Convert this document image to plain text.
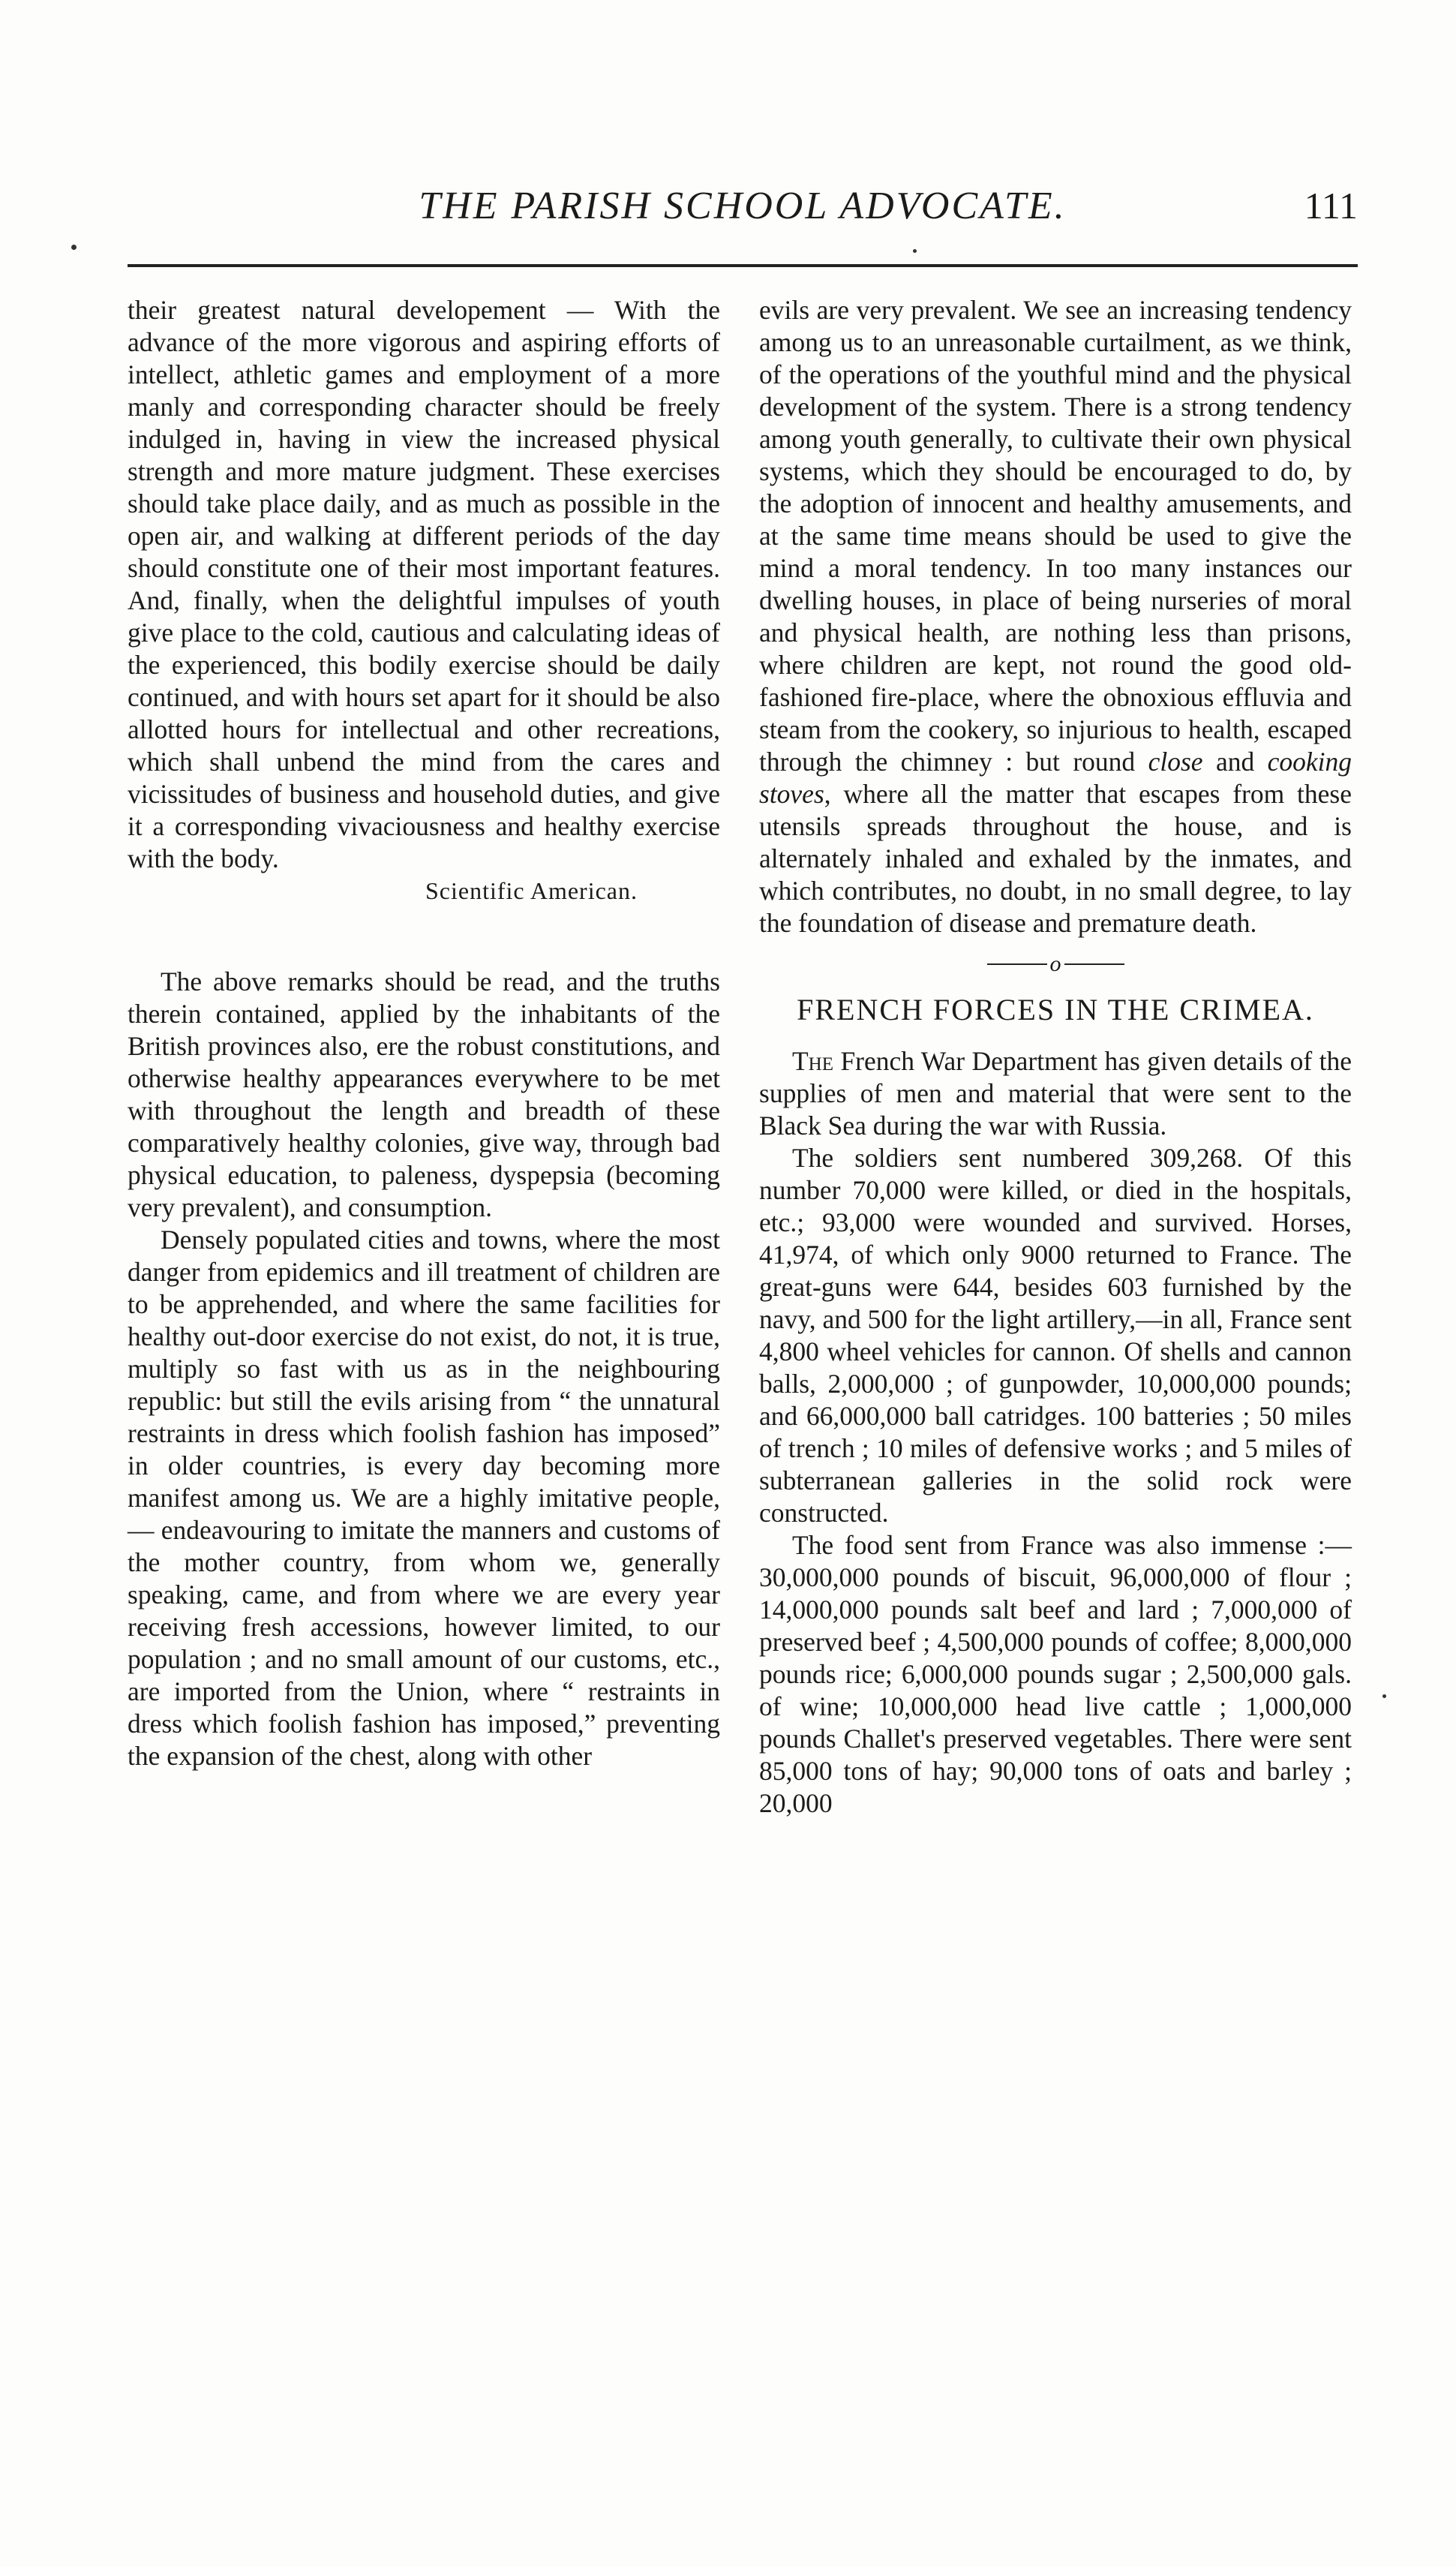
THE PARISH SCHOOL ADVOCATE.	111

their greatest natural developement — With the advance of the more vigorous and aspiring efforts of intellect, athletic games and employment of a more manly and corresponding character should be freely indulged in, having in view the increased physical strength and more mature judgment. These exercises should take place daily, and as much as possible in the open air, and walking at different periods of the day should constitute one of their most important features. And, finally, when the delightful impulses of youth give place to the cold, cautious and calculating ideas of the experienced, this bodily exercise should be daily continued, and with hours set apart for it should be also allotted hours for intellectual and other recreations, which shall unbend the mind from the cares and vicissitudes of business and household duties, and give it a corresponding vivaciousness and healthy exercise with the body.

Scientific American.

The above remarks should be read, and the truths therein contained, applied by the inhabitants of the British provinces also, ere the robust constitutions, and otherwise healthy appearances everywhere to be met with throughout the length and breadth of these comparatively healthy colonies, give way, through bad physical education, to paleness, dyspepsia (becoming very prevalent), and consumption.

Densely populated cities and towns, where the most danger from epidemics and ill treatment of children are to be apprehended, and where the same facilities for healthy out-door exercise do not exist, do not, it is true, multiply so fast with us as in the neighbouring republic: but still the evils arising from “ the unnatural restraints in dress which foolish fashion has imposed” in older countries, is every day becoming more manifest among us. We are a highly imitative people, — endeavouring to imitate the manners and customs of the mother country, from whom we, generally speaking, came, and from where we are every year receiving fresh accessions, however limited, to our population ; and no small amount of our customs, etc., are imported from the Union, where “ restraints in dress which foolish fashion has imposed,” preventing the expansion of the chest, along with other

evils are very prevalent. We see an increasing tendency among us to an unreasonable curtailment, as we think, of the operations of the youthful mind and the physical development of the system. There is a strong tendency among youth generally, to cultivate their own physical systems, which they should be encouraged to do, by the adoption of innocent and healthy amusements, and at the same time means should be used to give the mind a moral tendency. In too many instances our dwelling houses, in place of being nurseries of moral and physical health, are nothing less than prisons, where children are kept, not round the good old-fashioned fire-place, where the obnoxious effluvia and steam from the cookery, so injurious to health, escaped through the chimney : but round close and cooking stoves, where all the matter that escapes from these utensils spreads throughout the house, and is alternately inhaled and exhaled by the inmates, and which contributes, no doubt, in no small degree, to lay the foundation of disease and premature death.

o
FRENCH FORCES IN THE CRIMEA.

The French War Department has given details of the supplies of men and material that were sent to the Black Sea during the war with Russia.

The soldiers sent numbered 309,268. Of this number 70,000 were killed, or died in the hospitals, etc.; 93,000 were wounded and survived. Horses, 41,974, of which only 9000 returned to France. The great-guns were 644, besides 603 furnished by the navy, and 500 for the light artillery,—in all, France sent 4,800 wheel vehicles for cannon. Of shells and cannon balls, 2,000,000 ; of gunpowder, 10,000,000 pounds; and 66,000,000 ball catridges. 100 batteries ; 50 miles of trench ; 10 miles of defensive works ; and 5 miles of subterranean galleries in the solid rock were constructed.

The food sent from France was also immense :—30,000,000 pounds of biscuit, 96,000,000 of flour ; 14,000,000 pounds salt beef and lard ; 7,000,000 of preserved beef ; 4,500,000 pounds of coffee; 8,000,000 pounds rice; 6,000,000 pounds sugar ; 2,500,000 gals. of wine; 10,000,000 head live cattle ; 1,000,000 pounds Challet's preserved vegetables. There were sent 85,000 tons of hay; 90,000 tons of oats and barley ; 20,000
